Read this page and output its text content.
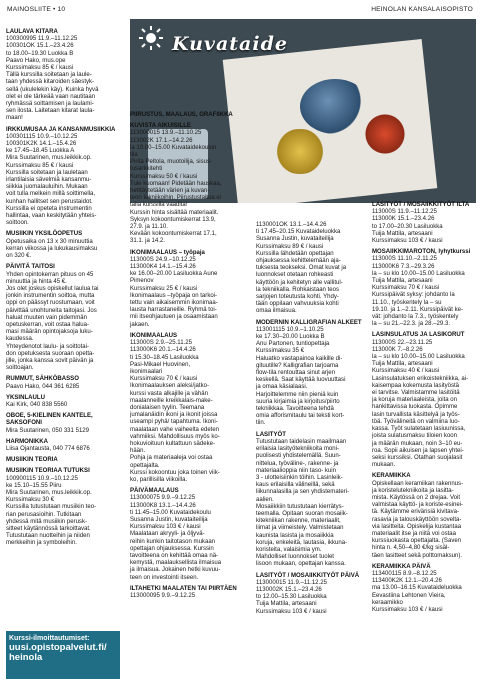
MAINOSLIITE • 10	HEINOLAN KANSALAISOPISTO
Kuvataide
LAULAVA KITARA

100300995 11.9.–11.12.25
100301OK 15.1.–23.4.26
to 18.00–19.30 Luokka B
Paavo Hako, mus.ope
Kurssimaksu 85 € / kausi
Tällä kurssilla soitetaan ja laule-
taan yhdessä kitaroiden säestyk-
sellä (ukulelekin käy). Kuinka hyvä
olet ei ole tärkeää vaan nautitaan
ryhmässä soittamisen ja laulami-
sen ilosta. Laitetaan kitarat laula-
maan!

IRKKUMUSAA JA KANSANMUSIIKKIA

100301115 10.9.–10.12.25
100301K2K 14.1.–15.4.26
ke 17.45–18.45 Luokka A
Mira Suutarinen, mus.leikkik.op.
Kurssimaksu 85 € / kausi
Kurssilla soitetaan ja lauletaan
irlantilaisia sävelmiä kansanmu-
siikkia juomalauluihin. Mukaan
voit tulla melkein millä soittimella,
kunhan hallitset sen perustaidot.
Kurssilla ei opeteta instrumentin
hallintaa, vaan keskitytään yhteis-
soittoon.

MUSIIKIN YKSILÖOPETUS

Opetusaika on 13 x 30 minuuttia
kerran viikossa ja lukukausimaksu
on 320 €.

PÄIVITÄ TAITOSI

Yhden opintokerran pituus on 45
minuuttia ja hinta 45 €.
Jos olet joskus opiskellut laulua tai
jonkin instrumentin soittoa, mutta
oppi on päässyt ruostumaan, voit
päivittää unohtuneita taitojasi. Jos
haluat muuten vain pidemmän
opetuskerran, voit ostaa halua-
masi määrän opintojaksoja luku-
kaudessa.
Yhteydenotot laulu- ja soittotai-
don opetuksesta suoraan opetta-
jille, jonka kanssa sovit päivän ja
soittoajan.

RUMMUT, SÄHKÖBASSO

Paavo Hako, 044 361 6285

YKSINLAULU

Kai Kirk, 040 838 5560

OBOE, 5-KIELINEN KANTELE, SAKSOFONI

Mira Suutarinen, 050 331 5129

HARMONIKKA

Liisa Ojantausta, 040 774 6876

MUSIIKIN TEORIA
MUSIIKIN TEORIAA TUTUKSI

100900115 10.9.–10.12.25
ke 15.10–15.55 Piiru
Mira Suutarinen, mus.leikkik.op.
Kurssimaksu 30 €
Kurssilla tutustutaan musiikin teo-
rian perusasioihin. Tutkitaan
yhdessä mitä musiikin perusk-
sitteet käytännössä tarkoittavat.
Tutustutaan nuotteihin ja niiden
merkkeihin ja symboleihin.

PIIRUSTUS, MAALAUS, GRAFIIKKA
KUVISTA AIKUISILLE

113000015 13.9.–11.10.25
113002K 17.1.–14.2.26
la 10.00–15.00 Kuvataidekoulun
tila
Pirita Peltola, muotoilija, sisus-
tusarkkitehti
Kurssimaksu 50 € / kausi
Tule kuomaan! Pidetään hauskaa,
hetttäytetään värien ja kuvan-
teon tekniikoihin. Piirustustaitoa ei
talla kurssilla vaadita!
Kurssin hinta sisältää materiaalit.
Syksyn kokoontumiskerrat 13.9,
27.9. ja 11.10.
Kevään kokoontumiskerrat 17.1,
31.1. ja 14.2.

IKONIMAALAUS – työpaja

113000S 24.9.–10.12.25
113000K4 14.1.–15.4.26
ke 16.00–20.00 Lasiluokka Aune
Pimenov
Kurssimaksu 25 € / kausi
Ikonimaalaus –työpaja on tarkoi-
tettu vain aikaisemmin ikonimaa-
lausta harrastaneille. Ryhmä toi-
mii itseohjautuen ja osaamistaan
jakaen.

IKONIMAALAUS

113000S 2.9.–25.11.25
113000K6 20.1.–14.4.26
ti 15.30–18.45 Lasiluokka
Pasi-Mikael Huovinen,
ikonimaalari
Kurssimaksu 70 € / kausi
Ikonimaalauksen aleksi/jatko-
kurssi vasta alkajille ja vähän
maalanneille kreikkalais-make-
donialaisen tyylin. Teemana
jumalanäidin ikoni ja ikonit joissa
useampi pyhä/ tapahtuma. Ikoni-
maalataan vahe vaiheelta edeten
vahmiiksi. Mahdollisuus myös ko-
hokuvioituun kultattuun sädeke-
hään.
Pohja ja materiaaleja voi ostaa
opettajalta.
Kurssi kokoontuu joka toinen viik-
ko, parillisilla viikoilla.

PÄIVÄMAALAUS

113000075 9.9.–9.12.25
113000K8 13.1.–14.4.26
ti 11.45–15.00 Kuvataidekoulu
Susanna Justin, kuvataiteilija
Kurssimaksu 103 € / kausi
Maalataan akryyli- ja öljyvä-
reihin kunkin taitotason mukaan
opettajan ohjauksessa. Kurssin
tavoitteena on kehittää omaa nä-
kemystä, maalauksellista ilmaisua
ja ilmaisua. Jokainen hetki kuvuu-
teen on investointi itseen.

ILTAHETKI MAALATEN TAI PIIRTÄEN

113000095 9.9.–9.12.25

1130001OK 13.1.–14.4.26
ti 17.45–20.15 Kuvataideluokka
Susanna Justin, kuvataiteilija
Kurssimaksu 89 € / kausi
Kurssilla lähdetään opettajan
ohjauksessa kehittelemään aja-
tuksesta teokseksi. Omat kuvat ja
luonnokset otetaan rohkeasti
käyttöön ja kehitetyn alle vallitul-
la tekniikalla. Rohkaistaan teos
sarjojen toteutusta kohti. Yhdy-
tään oppilaan vahvuuksia kohti
omaa ilmaisua.

MODERNIN KALLIGRAFIAN ALKEET

113001115 10.9.–1.10.25
ke 17.30–20.00 Luokka B
Anu Partonen, tuntiopettaja
Kurssimaksu 35 €
Haluatko vastapainoa kaikille di-
gituutille? Kalligrafian tarjoama
flow-tila rentouttaa sinut arjen
keskellä. Saat käyttää luovuuttasi
ja omaa käsialaasi.
Harjoittelemme niin pieniä kuin
suuria kirjaimia ja kirjoitus/piirto
tekniikkaa. Tavoitteena tehdä
omia afforismitaulu tai teksti kort-
tiin.

LASITYÖT

Tutustutaan taidelasin maailmaan
erilaisia lasityötekniikoita moni-
puolisesti yhdistelemällä. Suun-
nittelua, työväline-, rakenne- ja
materiaalioppia niin taso- kuin
3 - ulotteisiinkin töihin. Lasinleik-
kaus erilaisilla välineillä, sekä
liikunnalasilla ja sen yhdistemateri-
aalien.
Mosaiikkiin tutustutaan kierrätys-
teemalla. Opitaan suoran mosaiik-
kitekniikan rakenne, materiaalit,
liimat ja viimeistely. Valmistetaan
kaunista lasista ja mosaiikkia
koruja, enkeleitä, lautasia, ikkuna-
koristeita, valaisimia ym.
Mahdolliset luonnokset tuolet
lisoon mukaan, opettajan kanssa.

LASITYÖT / MOSAIIKKITYÖT PÄIVÄ

113000015 11.9.–11.12.25
1130002K 15.1.–23.4.26
to 12.00–15.30 Lasiluokka
Tuija Mattila, artesaani
Kurssimaksu 103 € / kausi

LASITYÖT / MOSAIIKKITYÖT ILTA

113000S 11.9.–11.12.25
113000K 15.1.–23.4.26
to 17.00–20.30 Lasiluokka
Tuija Mattila, artesaani
Kurssimaksu 103 € / kausi

MOSAIIKKIMAROTON, lyhytkurssi

113000S 11.10.–2.11.25
113000K6 7.3.–29.3.26
la – su klo 10.00–15.00 Lasiluokka
Tuija Mattila, artesaani
Kurssimaksu 70 € / kausi
Kurssipäivät syksy: johdanto la
11.10., työskentely la – su
19.10. ja 1.–2.11. Kurssipäivät ke-
vät: johdanto la 7.3., työskentely
la – su 21.–22.3. ja 28.–29.3.

LASINSULATUS JA LASIKORUT

113000S 22.–23.11.25
113000K 7.–8.2.26
la – su klo 10.00–15.00 Lasiluokka
Tuija Mattila, artesaani
Kurssimaksu 40 € / kausi
Lasinsulatuksen erikoistekniikka, ai-
kaisempaa kokemusta lasityöstä
ei tarvitse. Valmistamme lasitöitä
ja koruja materiaaleista, joita on
hankittavissa luokasta. Opimme
lasin turvallista käsittelyä ja työs-
töä. Työvälineitä on valmiina luo-
kassa. Työt sulatetaan lasiuunissa,
joista sulatusmaksu tiloien koon
ja määrän mukaan, noin 3–10 eu-
roa. Sopii aikuisen ja lapsen yhtei-
seksi kurssiksi. Otathan suojalasit
mukaan.

KERAMIIKKA

Opiskellaan keramiikan rakennus-
ja koristelutekniikoita ja lasitta-
mista. Käytössä on 2 drejaa. Voit
valmistaa käyttö- ja koriste-esinei-
tä. Käytämme erivärisiä kivitava-
rasavia ja talouskäyttöön sovelta-
via lasitteita. Opiskelija kustantaa
materiaalit itse ja niitä voi ostaa
kurssiuokasta opettajalta. (Saven
hinta n. 4,50–4,80 €/kg sisäl-
täen lasitteet sekä polttomaksun).

KERAMIIKKA PÄIVÄ

113400115 8.9.–8.12.25
113400K2K 12.1.–20.4.26
ma 13.00–16.15 Kuvataideluokka
Eevastiina Lehtonen Vieira,
keraamikko
Kurssimaksu 103 € / kausi

Kurssi-ilmoittautumiset:
uusi.opistopalvelut.fi/ heinola
